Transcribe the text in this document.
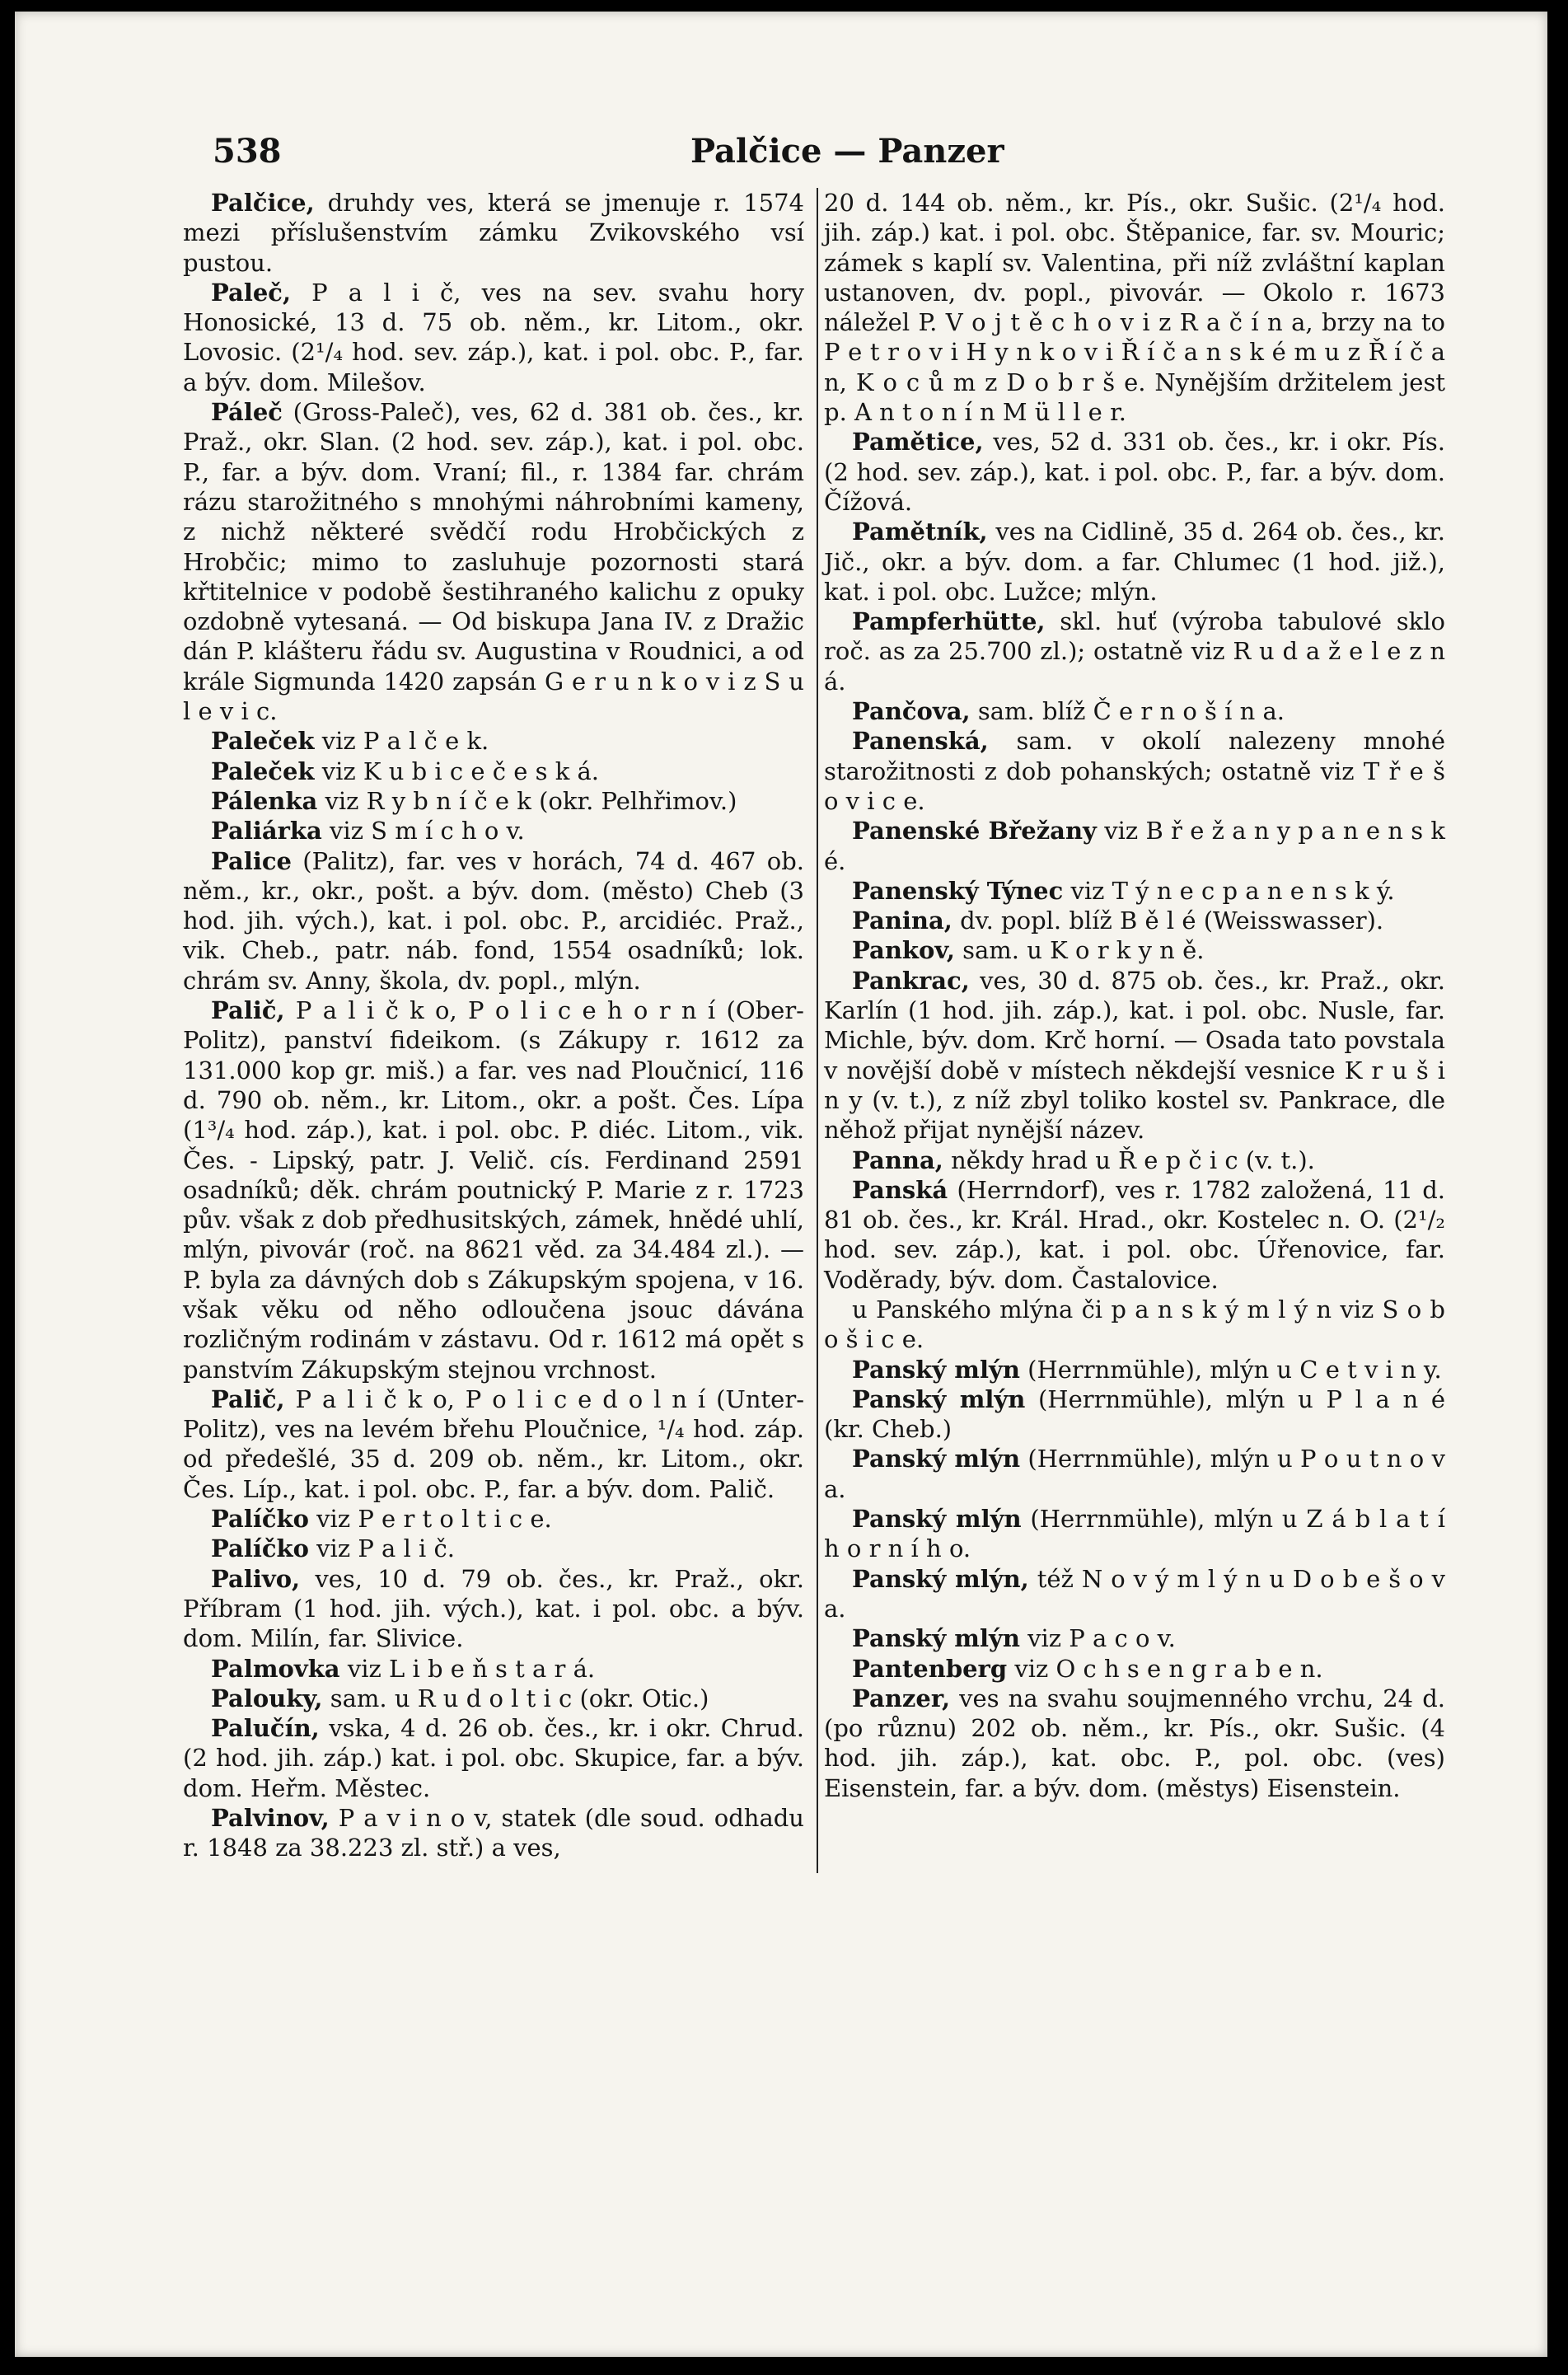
538	Palčice — Panzer

Palčice, druhdy ves, která se jmenuje r. 1574 mezi příslušenstvím zámku Zvikovského vsí pustou.

Paleč, P a l i č, ves na sev. svahu hory Honosické, 13 d. 75 ob. něm., kr. Litom., okr. Lovosic. (2¹/₄ hod. sev. záp.), kat. i pol. obc. P., far. a býv. dom. Milešov.

Páleč (Gross-Paleč), ves, 62 d. 381 ob. čes., kr. Praž., okr. Slan. (2 hod. sev. záp.), kat. i pol. obc. P., far. a býv. dom. Vraní; fil., r. 1384 far. chrám rázu starožitného s mnohými náhrobními kameny, z nichž některé svědčí rodu Hrobčických z Hrobčic; mimo to zasluhuje pozornosti stará křtitelnice v podobě šestihraného kalichu z opuky ozdobně vytesaná. — Od biskupa Jana IV. z Dražic dán P. klášteru řádu sv. Augustina v Roudnici, a od krále Sigmunda 1420 zapsán G e r u n k o v i z S u l e v i c.

Paleček viz P a l č e k.

Paleček viz K u b i c e č e s k á.

Pálenka viz R y b n í č e k (okr. Pelhřimov.)

Paliárka viz S m í c h o v.

Palice (Palitz), far. ves v horách, 74 d. 467 ob. něm., kr., okr., pošt. a býv. dom. (město) Cheb (3 hod. jih. vých.), kat. i pol. obc. P., arcidiéc. Praž., vik. Cheb., patr. náb. fond, 1554 osadníků; lok. chrám sv. Anny, škola, dv. popl., mlýn.

Palič, P a l i č k o, P o l i c e h o r n í (Ober-Politz), panství fideikom. (s Zákupy r. 1612 za 131.000 kop gr. miš.) a far. ves nad Ploučnicí, 116 d. 790 ob. něm., kr. Litom., okr. a pošt. Čes. Lípa (1³/₄ hod. záp.), kat. i pol. obc. P. diéc. Litom., vik. Čes. - Lipský, patr. J. Velič. cís. Ferdinand 2591 osadníků; děk. chrám poutnický P. Marie z r. 1723 pův. však z dob předhusitských, zámek, hnědé uhlí, mlýn, pivovár (roč. na 8621 věd. za 34.484 zl.). — P. byla za dávných dob s Zákupským spojena, v 16. však věku od něho odloučena jsouc dávána rozličným rodinám v zástavu. Od r. 1612 má opět s panstvím Zákupským stejnou vrchnost.

Palič, P a l i č k o, P o l i c e d o l n í (Unter-Politz), ves na levém břehu Ploučnice, ¹/₄ hod. záp. od předešlé, 35 d. 209 ob. něm., kr. Litom., okr. Čes. Líp., kat. i pol. obc. P., far. a býv. dom. Palič.

Palíčko viz P e r t o l t i c e.

Palíčko viz P a l i č.

Palivo, ves, 10 d. 79 ob. čes., kr. Praž., okr. Příbram (1 hod. jih. vých.), kat. i pol. obc. a býv. dom. Milín, far. Slivice.

Palmovka viz L i b e ň s t a r á.

Palouky, sam. u R u d o l t i c (okr. Otic.)

Palučín, vska, 4 d. 26 ob. čes., kr. i okr. Chrud. (2 hod. jih. záp.) kat. i pol. obc. Skupice, far. a býv. dom. Heřm. Městec.

Palvinov, P a v i n o v, statek (dle soud. odhadu r. 1848 za 38.223 zl. stř.) a ves,

20 d. 144 ob. něm., kr. Pís., okr. Sušic. (2¹/₄ hod. jih. záp.) kat. i pol. obc. Štěpanice, far. sv. Mouric; zámek s kaplí sv. Valentina, při níž zvláštní kaplan ustanoven, dv. popl., pivovár. — Okolo r. 1673 náležel P. V o j t ě c h o v i z R a č í n a, brzy na to P e t r o v i H y n k o v i Ř í č a n s k é m u z Ř í č a n, K o c ů m z D o b r š e. Nynějším držitelem jest p. A n t o n í n M ü l l e r.

Pamětice, ves, 52 d. 331 ob. čes., kr. i okr. Pís. (2 hod. sev. záp.), kat. i pol. obc. P., far. a býv. dom. Čížová.

Pamětník, ves na Cidlině, 35 d. 264 ob. čes., kr. Jič., okr. a býv. dom. a far. Chlumec (1 hod. již.), kat. i pol. obc. Lužce; mlýn.

Pampferhütte, skl. huť (výroba tabulové sklo roč. as za 25.700 zl.); ostatně viz R u d a ž e l e z n á.

Pančova, sam. blíž Č e r n o š í n a.

Panenská, sam. v okolí nalezeny mnohé starožitnosti z dob pohanských; ostatně viz T ř e š o v i c e.

Panenské Břežany viz B ř e ž a n y p a n e n s k é.

Panenský Týnec viz T ý n e c p a n e n s k ý.

Panina, dv. popl. blíž B ě l é (Weisswasser).

Pankov, sam. u K o r k y n ě.

Pankrac, ves, 30 d. 875 ob. čes., kr. Praž., okr. Karlín (1 hod. jih. záp.), kat. i pol. obc. Nusle, far. Michle, býv. dom. Krč horní. — Osada tato povstala v novější době v místech někdejší vesnice K r u š i n y (v. t.), z níž zbyl toliko kostel sv. Pankrace, dle něhož přijat nynější název.

Panna, někdy hrad u Ř e p č i c (v. t.).

Panská (Herrndorf), ves r. 1782 založená, 11 d. 81 ob. čes., kr. Král. Hrad., okr. Kostelec n. O. (2¹/₂ hod. sev. záp.), kat. i pol. obc. Úřenovice, far. Voděrady, býv. dom. Častalovice.

u Panského mlýna či p a n s k ý m l ý n viz S o b o š i c e.

Panský mlýn (Herrnmühle), mlýn u C e t v i n y.

Panský mlýn (Herrnmühle), mlýn u P l a n é (kr. Cheb.)

Panský mlýn (Herrnmühle), mlýn u P o u t n o v a.

Panský mlýn (Herrnmühle), mlýn u Z á b l a t í h o r n í h o.

Panský mlýn, též N o v ý m l ý n u D o b e š o v a.

Panský mlýn viz P a c o v.

Pantenberg viz O c h s e n g r a b e n.

Panzer, ves na svahu soujmenného vrchu, 24 d. (po různu) 202 ob. něm., kr. Pís., okr. Sušic. (4 hod. jih. záp.), kat. obc. P., pol. obc. (ves) Eisenstein, far. a býv. dom. (městys) Eisenstein.
